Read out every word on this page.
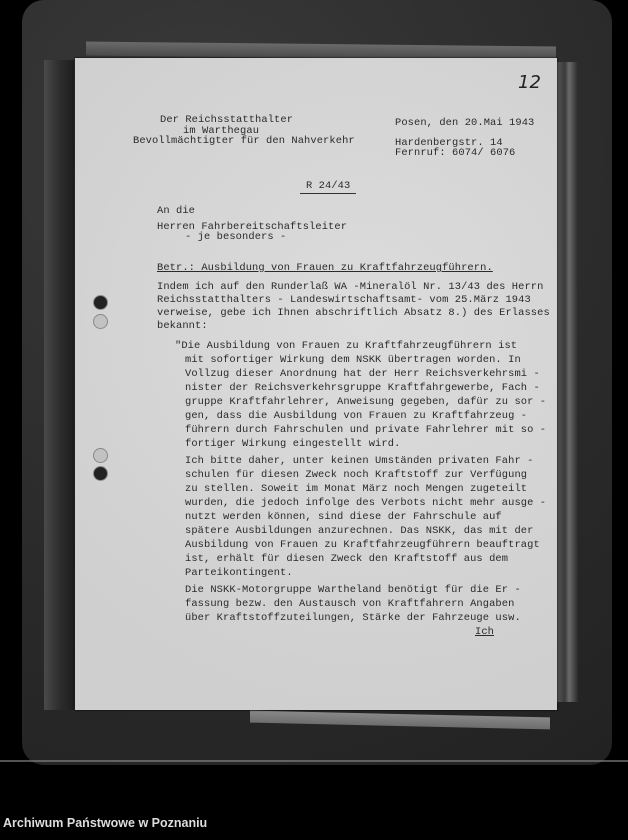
12
Der Reichsstatthalter
im Warthegau
Bevollmächtigter für den Nahverkehr
Posen, den 20.Mai 1943
Hardenbergstr. 14
Fernruf: 6074/ 6076
R 24/43
An die
Herren Fahrbereitschaftsleiter
- je besonders -
Betr.: Ausbildung von Frauen zu Kraftfahrzeugführern.
Indem ich auf den Runderlaß WA -Mineralöl Nr. 13/43 des Herrn
Reichsstatthalters - Landeswirtschaftsamt- vom 25.März 1943
verweise, gebe ich Ihnen abschriftlich Absatz 8.) des Erlasses
bekannt:
"Die Ausbildung von Frauen zu Kraftfahrzeugführern ist
mit sofortiger Wirkung dem NSKK übertragen worden. In
Vollzug dieser Anordnung hat der Herr Reichsverkehrsmi -
nister der Reichsverkehrsgruppe Kraftfahrgewerbe, Fach -
gruppe Kraftfahrlehrer, Anweisung gegeben, dafür zu sor -
gen, dass die Ausbildung von Frauen zu Kraftfahrzeug -
führern durch Fahrschulen und private Fahrlehrer mit so -
fortiger Wirkung eingestellt wird.
Ich bitte daher, unter keinen Umständen privaten Fahr -
schulen für diesen Zweck noch Kraftstoff zur Verfügung
zu stellen. Soweit im Monat März noch Mengen zugeteilt
wurden, die jedoch infolge des Verbots nicht mehr ausge -
nutzt werden können, sind diese der Fahrschule auf
spätere Ausbildungen anzurechnen. Das NSKK, das mit der
Ausbildung von Frauen zu Kraftfahrzeugführern beauftragt
ist, erhält für diesen Zweck den Kraftstoff aus dem
Parteikontingent.
Die NSKK-Motorgruppe Wartheland benötigt für die Er -
fassung bezw. den Austausch von Kraftfahrern Angaben
über Kraftstoffzuteilungen, Stärke der Fahrzeuge usw.
Ich
Archiwum Państwowe w Poznaniu
